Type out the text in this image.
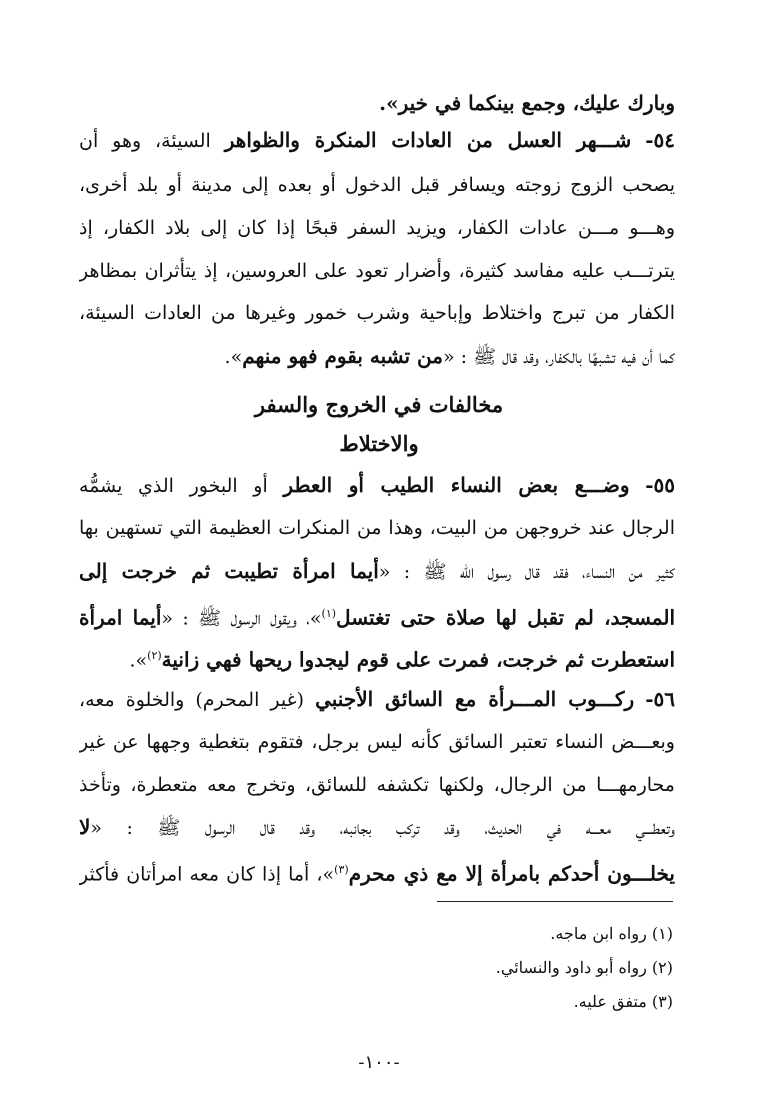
وبارك عليك، وجمع بينكما في خير».
٥٤- شـــهر العسل من العادات المنكرة والظواهر السيئة، وهو أن
يصحب الزوج زوجته ويسافر قبل الدخول أو بعده إلى مدينة أو بلد أخرى،
وهـــو مـــن عادات الكفار، ويزيد السفر قبحًا إذا كان إلى بلاد الكفار، إذ
يترتـــب عليه مفاسد كثيرة، وأضرار تعود على العروسين، إذ يتأثران بمظاهر
الكفار من تبرج واختلاط وإباحية وشرب خمور وغيرها من العادات السيئة،
كما أن فيه تشبهًا بالكفار، وقد قال ﷺ : «من تشبه بقوم فهو منهم».
مخالفات في الخروج والسفر
والاختلاط
٥٥- وضـــع بعض النساء الطيب أو العطر أو البخور الذي يشمُّه
الرجال عند خروجهن من البيت، وهذا من المنكرات العظيمة التي تستهين بها
كثير من النساء، فقد قال رسول الله ﷺ : «أيما امرأة تطيبت ثم خرجت إلى
المسجد، لم تقبل لها صلاة حتى تغتسل$^{(١)}$»، ويقول الرسول ﷺ : «أيما امرأة
استعطرت ثم خرجت، فمرت على قوم ليجدوا ريحها فهي زانية$^{(٢)}$».
٥٦- ركـــوب المـــرأة مع السائق الأجنبي (غير المحرم) والخلوة معه،
وبعـــض النساء تعتبر السائق كأنه ليس برجل، فتقوم بتغطية وجهها عن غير
محارمهـــا من الرجال، ولكنها تكشفه للسائق، وتخرج معه متعطرة، وتأخذ
وتعطـــي معـــه في الحديث، وقد تركب بجانبه، وقد قال الرسول ﷺ : «لا
يخلـــون أحدكم بامرأة إلا مع ذي محرم$^{(٣)}$»، أما إذا كان معه امرأتان فأكثر
(١) رواه ابن ماجه.
(٢) رواه أبو داود والنسائي.
(٣) متفق عليه.
-١٠٠-
